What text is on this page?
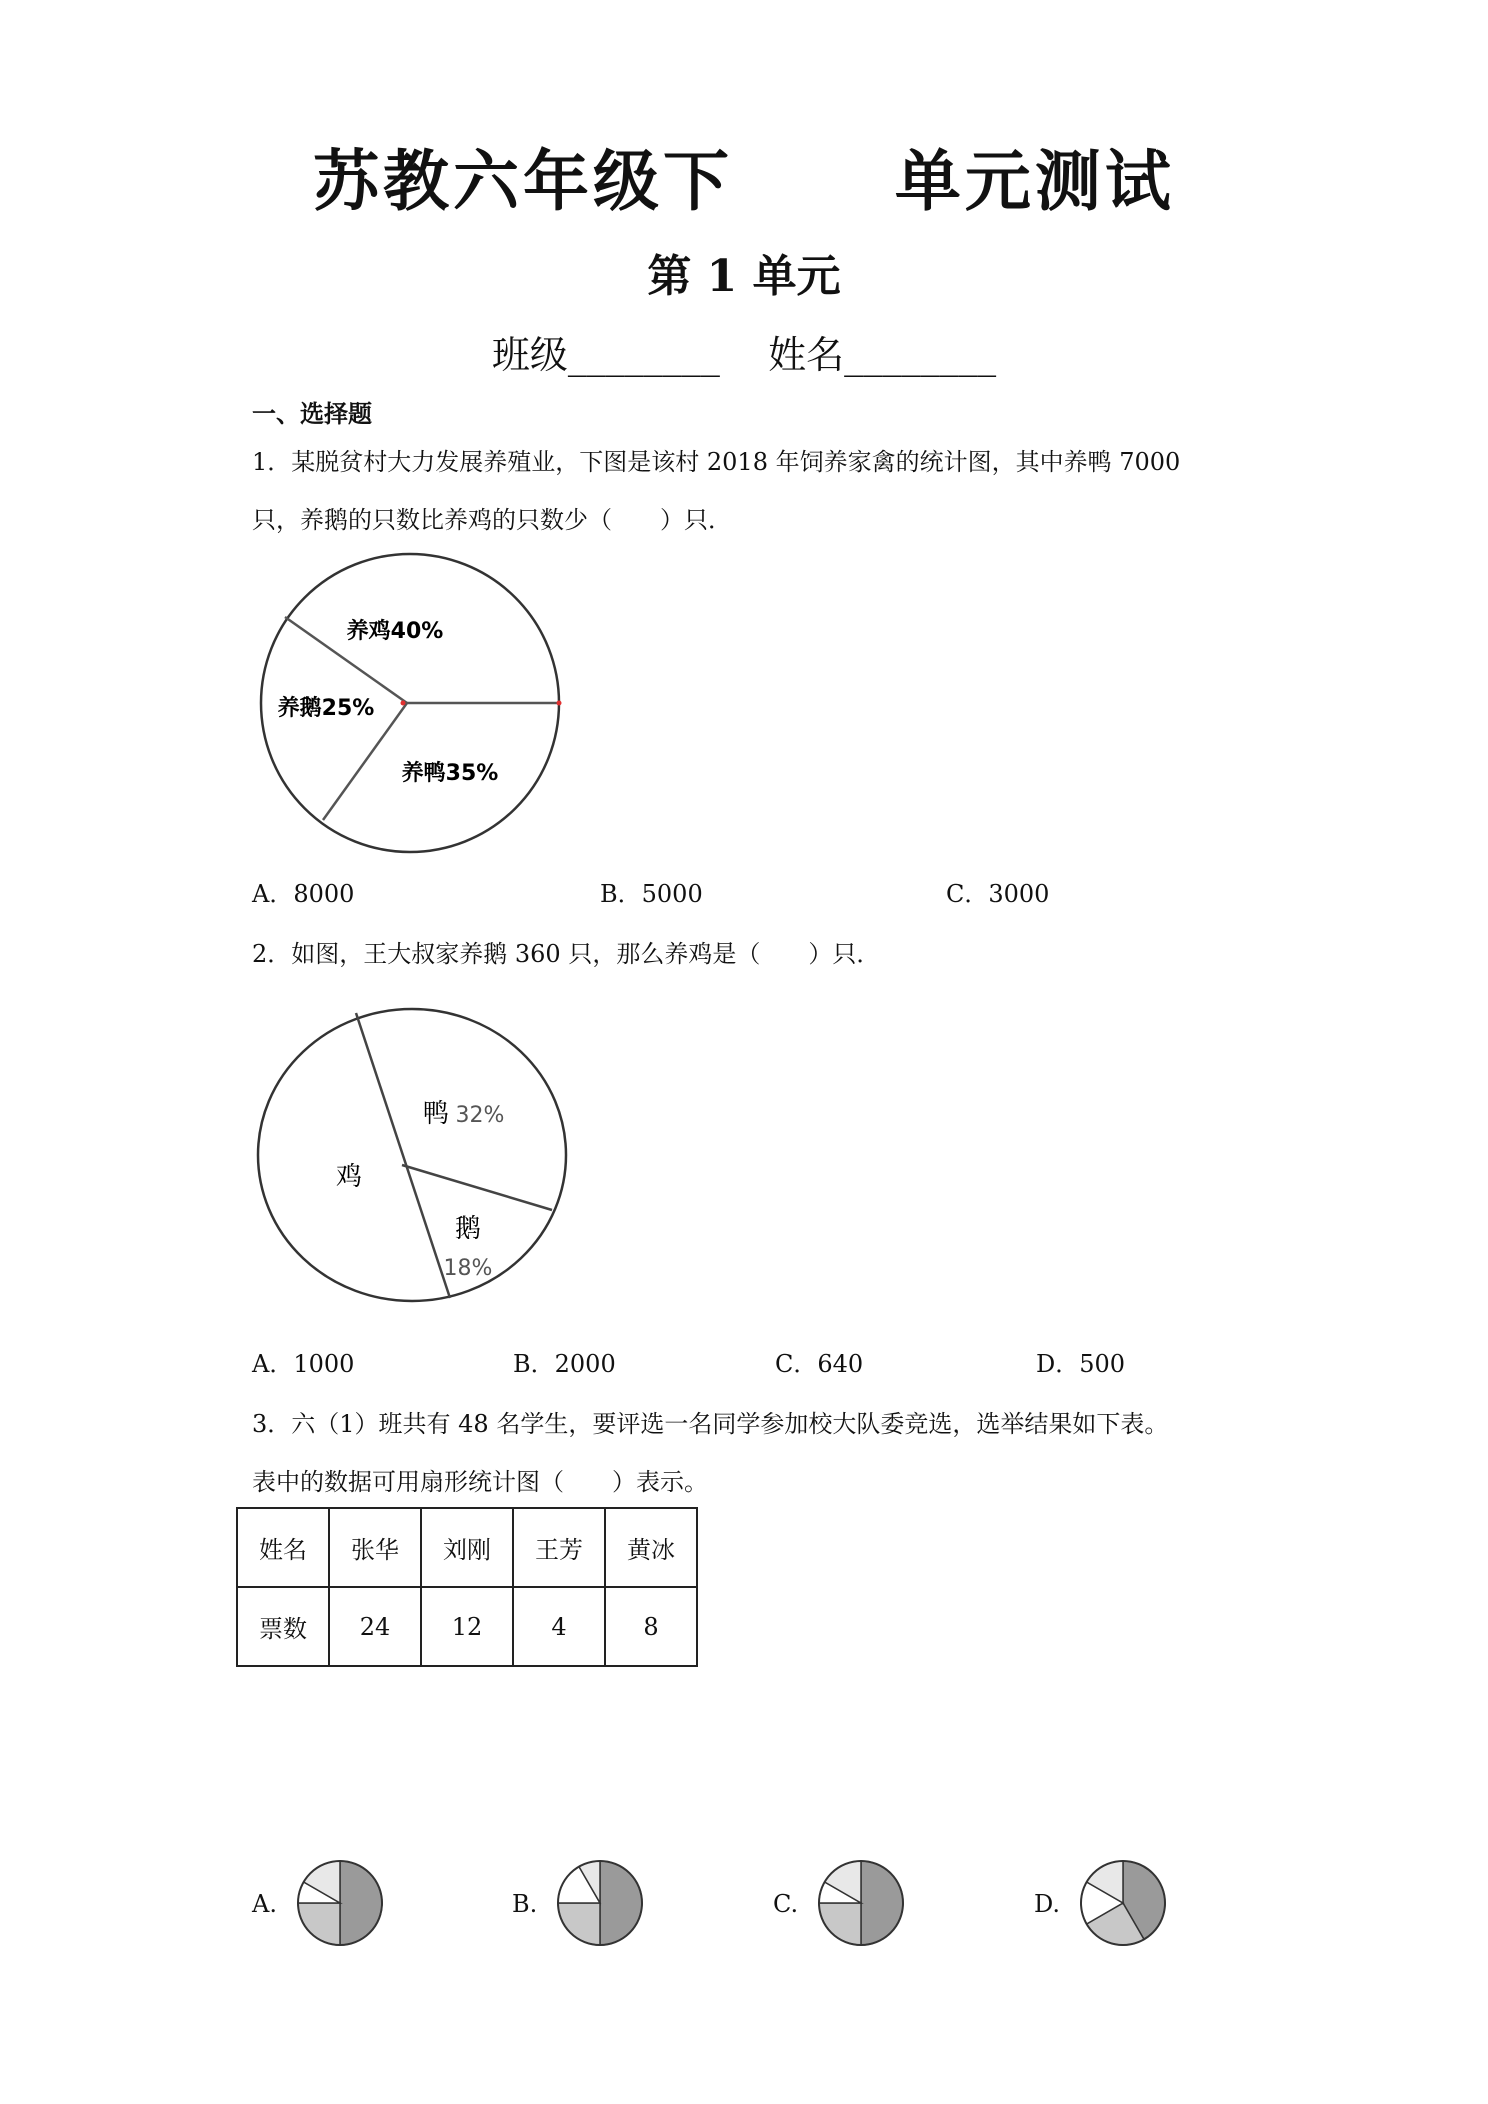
苏教六年级下      单元测试
第 1 单元
班级________    姓名________
一、选择题
1．某脱贫村大力发展养殖业，下图是该村 2018 年饲养家禽的统计图，其中养鸭 7000
只，养鹅的只数比养鸡的只数少（　　）只．
养鸡40%
养鸭35%
养鹅25%
A．8000	B．5000	C．3000
2．如图，王大叔家养鹅 360 只，那么养鸡是（　　）只．
鸭 32%
鹅
18%
鸡
A．1000	B．2000	C．640	D．500
3．六（1）班共有 48 名学生，要评选一名同学参加校大队委竞选，选举结果如下表。
表中的数据可用扇形统计图（　　）表示。
姓名	张华	刘刚	王芳	黄冰
票数	24	12	4	8
A.	B.	C.	D.
